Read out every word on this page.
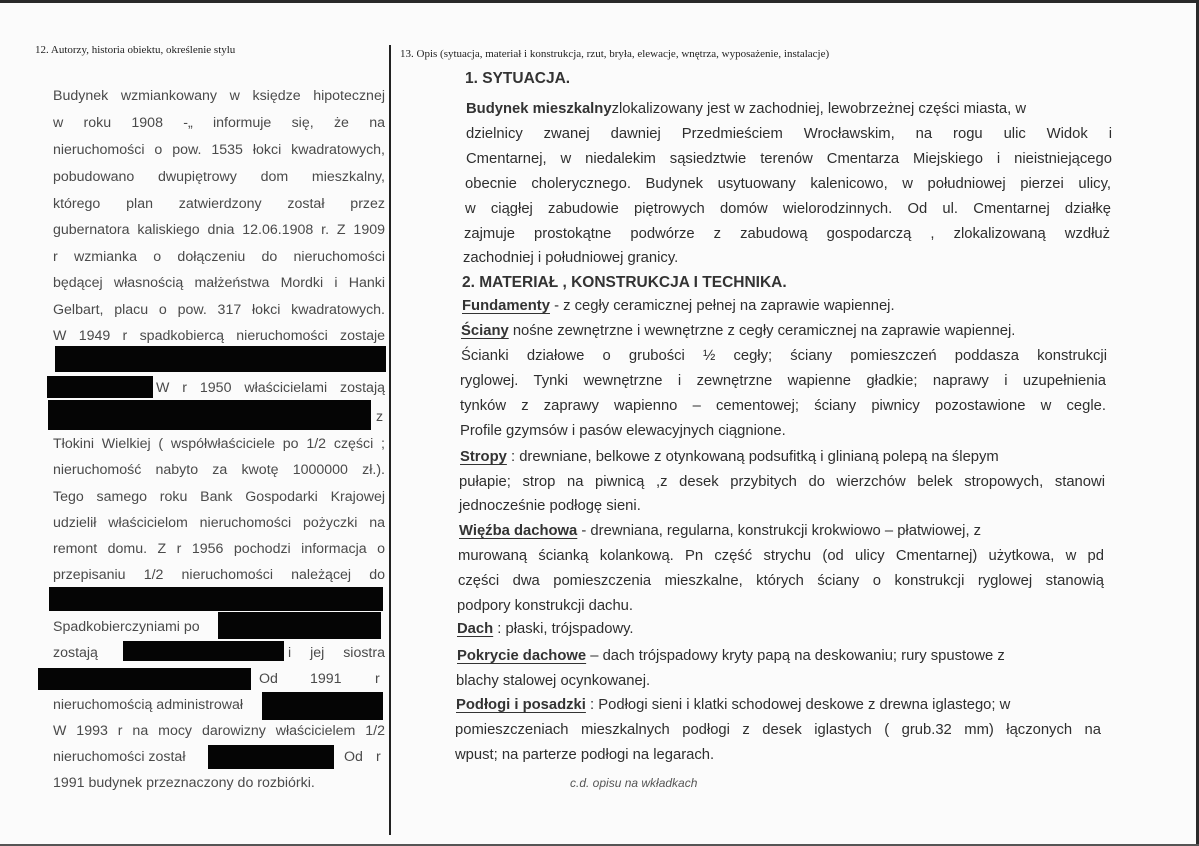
12. Autorzy, historia obiektu, określenie stylu	13. Opis (sytuacja, materiał i konstrukcja, rzut, bryła, elewacje, wnętrza, wyposażenie, instalacje)
Budynek wzmiankowany w księdze hipotecznej
w roku 1908 -„ informuje się, że na
nieruchomości o pow. 1535 łokci kwadratowych,
pobudowano dwupiętrowy dom mieszkalny,
którego plan zatwierdzony został przez
gubernatora kaliskiego dnia 12.06.1908 r. Z 1909
r wzmianka o dołączeniu do nieruchomości
będącej własnością małżeństwa Mordki i Hanki
Gelbart, placu o pow. 317 łokci kwadratowych.
W 1949 r spadkobiercą nieruchomości zostaje
W r 1950 właścicielami zostają
z
Tłokini Wielkiej ( współwłaściciele po 1/2 części ;
nieruchomość nabyto za kwotę 1000000 zł.).
Tego samego roku Bank Gospodarki Krajowej
udzielił właścicielom nieruchomości pożyczki na
remont domu. Z r 1956 pochodzi informacja o
przepisaniu 1/2 nieruchomości należącej do
Spadkobierczyniami po
zostają	i jej siostra
Od 1991 r
nieruchomością administrował
W 1993 r na mocy darowizny właścicielem 1/2
nieruchomości został	Od r
1991 budynek przeznaczony do rozbiórki.
1. SYTUACJA.
Budynek mieszkalnyzlokalizowany jest w zachodniej, lewobrzeżnej części miasta, w
dzielnicy zwanej dawniej Przedmieściem Wrocławskim, na rogu ulic Widok i
Cmentarnej, w niedalekim sąsiedztwie terenów Cmentarza Miejskiego i nieistniejącego
obecnie cholerycznego. Budynek usytuowany kalenicowo, w południowej pierzei ulicy,
w ciągłej zabudowie piętrowych domów wielorodzinnych. Od ul. Cmentarnej działkę
zajmuje prostokątne podwórze z zabudową gospodarczą , zlokalizowaną wzdłuż
zachodniej i południowej granicy.
2. MATERIAŁ , KONSTRUKCJA I TECHNIKA.
Fundamenty - z cegły ceramicznej pełnej na zaprawie wapiennej.
Ściany nośne zewnętrzne i wewnętrzne z cegły ceramicznej na zaprawie wapiennej.
Ścianki działowe o grubości ½ cegły; ściany pomieszczeń poddasza konstrukcji
ryglowej. Tynki wewnętrzne i zewnętrzne wapienne gładkie; naprawy i uzupełnienia
tynków z zaprawy wapienno – cementowej; ściany piwnicy pozostawione w cegle.
Profile gzymsów i pasów elewacyjnych ciągnione.
Stropy : drewniane, belkowe z otynkowaną podsufitką i glinianą polepą na ślepym
pułapie; strop na piwnicą ,z desek przybitych do wierzchów belek stropowych, stanowi
jednocześnie podłogę sieni.
Więźba dachowa - drewniana, regularna, konstrukcji krokwiowo – płatwiowej, z
murowaną ścianką kolankową. Pn część strychu (od ulicy Cmentarnej) użytkowa, w pd
części dwa pomieszczenia mieszkalne, których ściany o konstrukcji ryglowej stanowią
podpory konstrukcji dachu.
Dach : płaski, trójspadowy.
Pokrycie dachowe – dach trójspadowy kryty papą na deskowaniu; rury spustowe z
blachy stalowej ocynkowanej.
Podłogi i posadzki : Podłogi sieni i klatki schodowej deskowe z drewna iglastego; w
pomieszczeniach mieszkalnych podłogi z desek iglastych ( grub.32 mm) łączonych na
wpust; na parterze podłogi na legarach.
c.d. opisu na wkładkach
